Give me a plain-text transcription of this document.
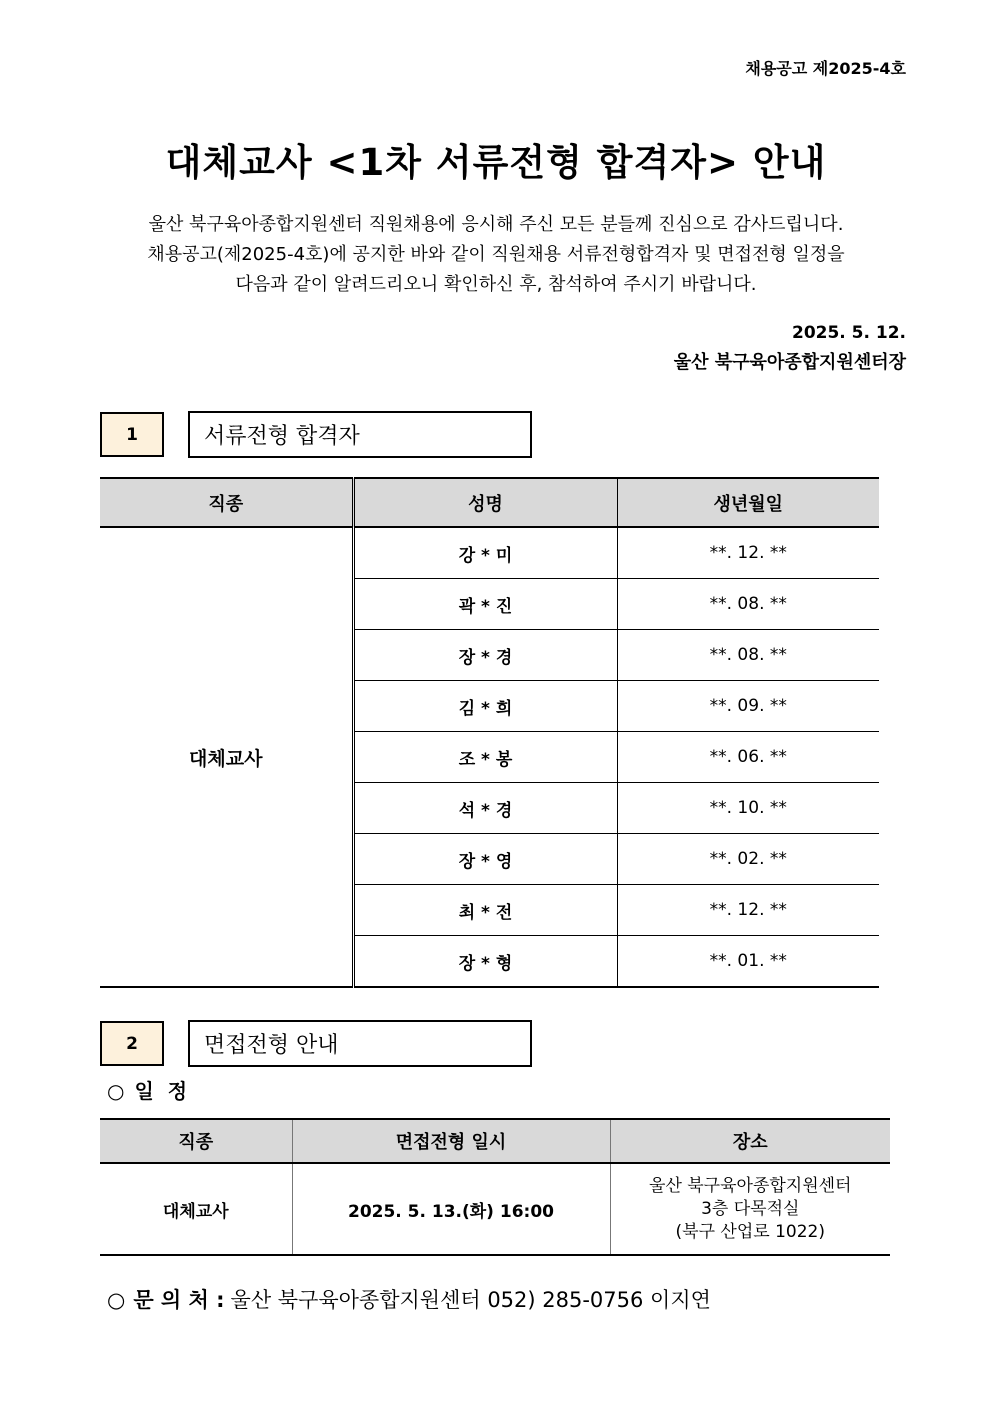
채용공고 제2025-4호
대체교사 <1차 서류전형 합격자> 안내
울산 북구육아종합지원센터 직원채용에 응시해 주신 모든 분들께 진심으로 감사드립니다.
채용공고(제2025-4호)에 공지한 바와 같이 직원채용 서류전형합격자 및 면접전형 일정을
다음과 같이 알려드리오니 확인하신 후, 참석하여 주시기 바랍니다.
2025. 5. 12.
울산 북구육아종합지원센터장
1	서류전형 합격자
직종	성명	생년월일
대체교사	강 * 미	**. 12. **
	곽 * 진	**. 08. **
	장 * 경	**. 08. **
	김 * 희	**. 09. **
	조 * 봉	**. 06. **
	석 * 경	**. 10. **
	장 * 영	**. 02. **
	최 * 전	**. 12. **
	장 * 형	**. 01. **
2	면접전형 안내
○ 일  정
직종	면접전형 일시	장소
대체교사	2025. 5. 13.(화) 16:00	울산 북구육아종합지원센터
3층 다목적실
(북구 산업로 1022)
○ 문 의 처 : 울산 북구육아종합지원센터 052) 285-0756 이지연
